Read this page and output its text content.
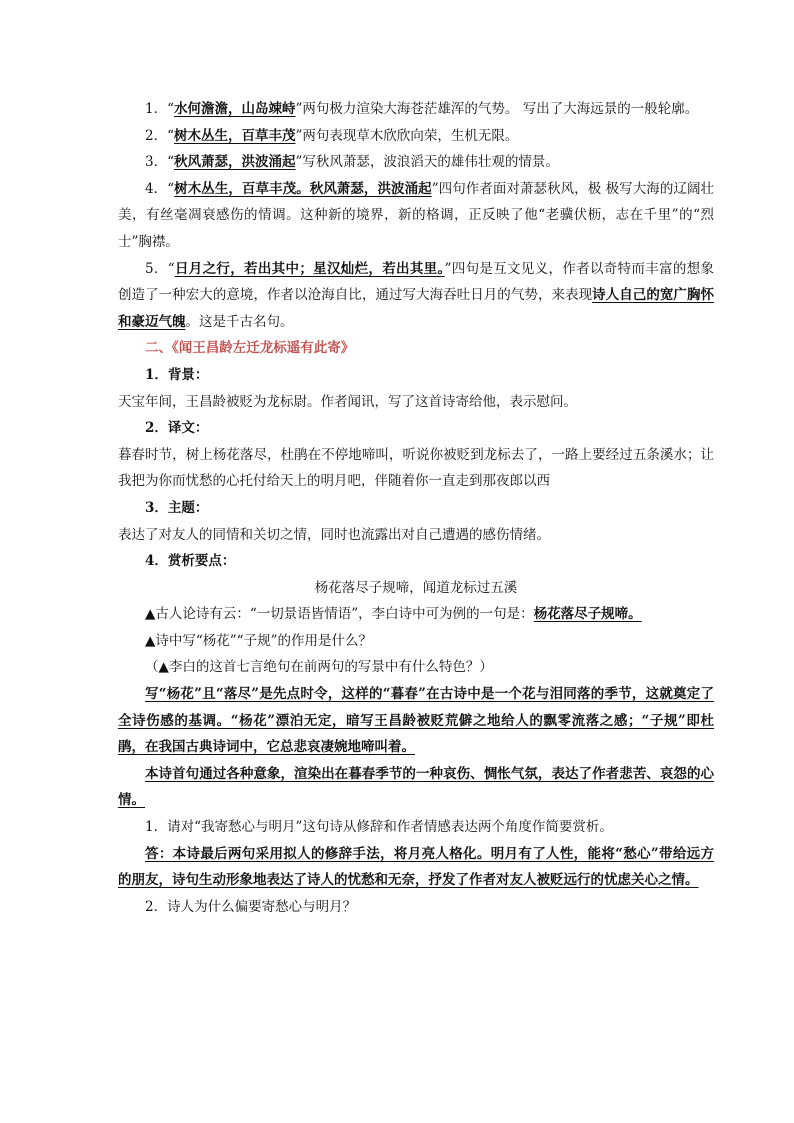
1．“水何澹澹，山岛竦峙”两句极力渲染大海苍茫雄浑的气势。 写出了大海远景的一般轮廓。

2．“树木丛生，百草丰茂”两句表现草木欣欣向荣，生机无限。

3．“秋风萧瑟，洪波涌起”写秋风萧瑟，波浪滔天的雄伟壮观的情景。

4．“树木丛生，百草丰茂。秋风萧瑟，洪波涌起”四句作者面对萧瑟秋风，极 极写大海的辽阔壮美，有丝毫凋衰感伤的情调。这种新的境界，新的格调，正反映了他“老骥伏枥，志在千里”的“烈士”胸襟。

5．“日月之行，若出其中；星汉灿烂，若出其里。”四句是互文见义，作者以奇特而丰富的想象创造了一种宏大的意境，作者以沧海自比，通过写大海吞吐日月的气势，来表现诗人自己的宽广胸怀和豪迈气魄。这是千古名句。

二、《闻王昌龄左迁龙标遥有此寄》

1．背景：

天宝年间，王昌龄被贬为龙标尉。作者闻讯，写了这首诗寄给他，表示慰问。

2．译文：

暮春时节，树上杨花落尽，杜鹃在不停地啼叫，听说你被贬到龙标去了，一路上要经过五条溪水；让我把为你而忧愁的心托付给天上的明月吧，伴随着你一直走到那夜郎以西

3．主题：

表达了对友人的同情和关切之情，同时也流露出对自己遭遇的感伤情绪。

4．赏析要点：

杨花落尽子规啼，闻道龙标过五溪

▲古人论诗有云：“一切景语皆情语”，李白诗中可为例的一句是：杨花落尽子规啼。

▲诗中写“杨花”“子规”的作用是什么？

（▲李白的这首七言绝句在前两句的写景中有什么特色？）

写“杨花”且“落尽”是先点时令，这样的“暮春”在古诗中是一个花与泪同落的季节，这就奠定了全诗伤感的基调。“杨花”漂泊无定，暗写王昌龄被贬荒僻之地给人的飘零流落之感；“子规”即杜鹃，在我国古典诗词中，它总悲哀凄婉地啼叫着。

本诗首句通过各种意象，渲染出在暮春季节的一种哀伤、惆怅气氛，表达了作者悲苦、哀怨的心情。

1．请对“我寄愁心与明月”这句诗从修辞和作者情感表达两个角度作简要赏析。

答：本诗最后两句采用拟人的修辞手法，将月亮人格化。明月有了人性，能将“愁心”带给远方的朋友，诗句生动形象地表达了诗人的忧愁和无奈，抒发了作者对友人被贬远行的忧虑关心之情。

2．诗人为什么偏要寄愁心与明月？
